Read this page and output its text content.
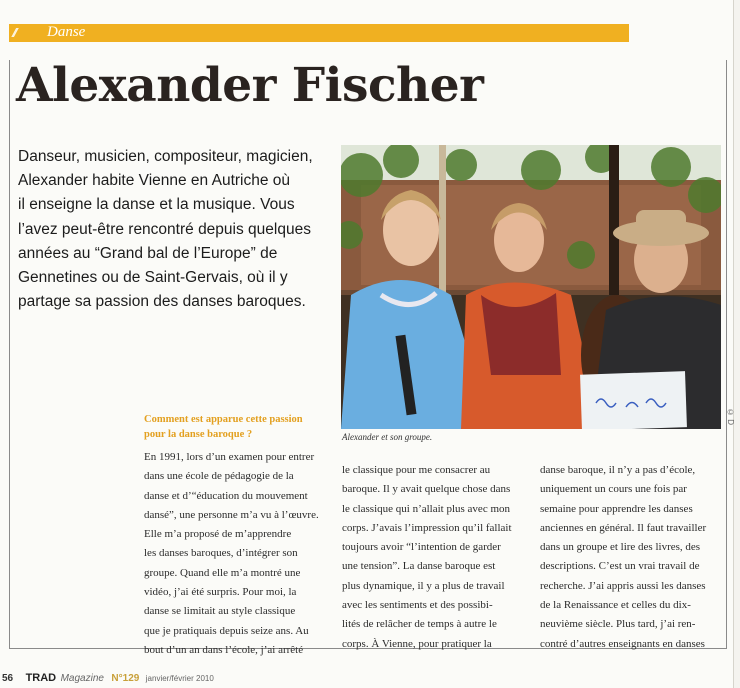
/// Danse
Alexander Fischer
Danseur, musicien, compositeur, magicien,
Alexander habite Vienne en Autriche où
il enseigne la danse et la musique. Vous
l’avez peut-être rencontré depuis quelques
années au “Grand bal de l’Europe” de
Gennetines ou de Saint-Gervais, où il y
partage sa passion des danses baroques.
Alexander et son groupe.
© D
Comment est apparue cette passion
pour la danse baroque ?
En 1991, lors d’un examen pour entrer
dans une école de pédagogie de la
danse et d’“éducation du mouvement
dansé”, une personne m’a vu à l’œuvre.
Elle m’a proposé de m’apprendre
les danses baroques, d’intégrer son
groupe. Quand elle m’a montré une
vidéo, j’ai été surpris. Pour moi, la
danse se limitait au style classique
que je pratiquais depuis seize ans. Au
bout d’un an dans l’école, j’ai arrêté
le classique pour me consacrer au
baroque. Il y avait quelque chose dans
le classique qui n’allait plus avec mon
corps. J’avais l’impression qu’il fallait
toujours avoir “l’intention de garder
une tension”. La danse baroque est
plus dynamique, il y a plus de travail
avec les sentiments et des possibi-
lités de relâcher de temps à autre le
corps. À Vienne, pour pratiquer la
danse baroque, il n’y a pas d’école,
uniquement un cours une fois par
semaine pour apprendre les danses
anciennes en général. Il faut travailler
dans un groupe et lire des livres, des
descriptions. C’est un vrai travail de
recherche. J’ai appris aussi les danses
de la Renaissance et celles du dix-
neuvième siècle. Plus tard, j’ai ren-
contré d’autres enseignants en danses
56 TRAD Magazine N°129 janvier/février 2010
